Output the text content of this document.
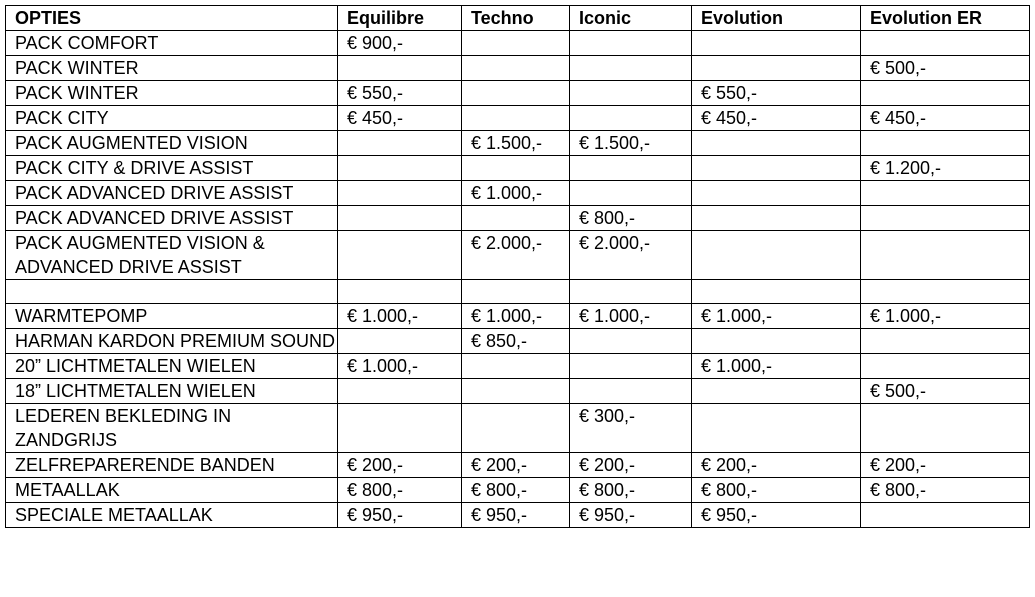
OPTIES	Equilibre	Techno	Iconic	Evolution	Evolution ER
PACK COMFORT	€ 900,-				
PACK WINTER					€ 500,-
PACK WINTER	€ 550,-			€ 550,-	
PACK CITY	€ 450,-			€ 450,-	€ 450,-
PACK AUGMENTED VISION		€ 1.500,-	€ 1.500,-		
PACK CITY & DRIVE ASSIST					€ 1.200,-
PACK ADVANCED DRIVE ASSIST		€ 1.000,-			
PACK ADVANCED DRIVE ASSIST			€ 800,-		
PACK AUGMENTED VISION & ADVANCED DRIVE ASSIST		€ 2.000,-	€ 2.000,-		

WARMTEPOMP	€ 1.000,-	€ 1.000,-	€ 1.000,-	€ 1.000,-	€ 1.000,-
HARMAN KARDON PREMIUM SOUND		€ 850,-			
20” LICHTMETALEN WIELEN	€ 1.000,-			€ 1.000,-	
18” LICHTMETALEN WIELEN					€ 500,-
LEDEREN BEKLEDING IN ZANDGRIJS			€ 300,-		
ZELFREPARERENDE BANDEN	€ 200,-	€ 200,-	€ 200,-	€ 200,-	€ 200,-
METAALLAK	€ 800,-	€ 800,-	€ 800,-	€ 800,-	€ 800,-
SPECIALE METAALLAK	€ 950,-	€ 950,-	€ 950,-	€ 950,-	
